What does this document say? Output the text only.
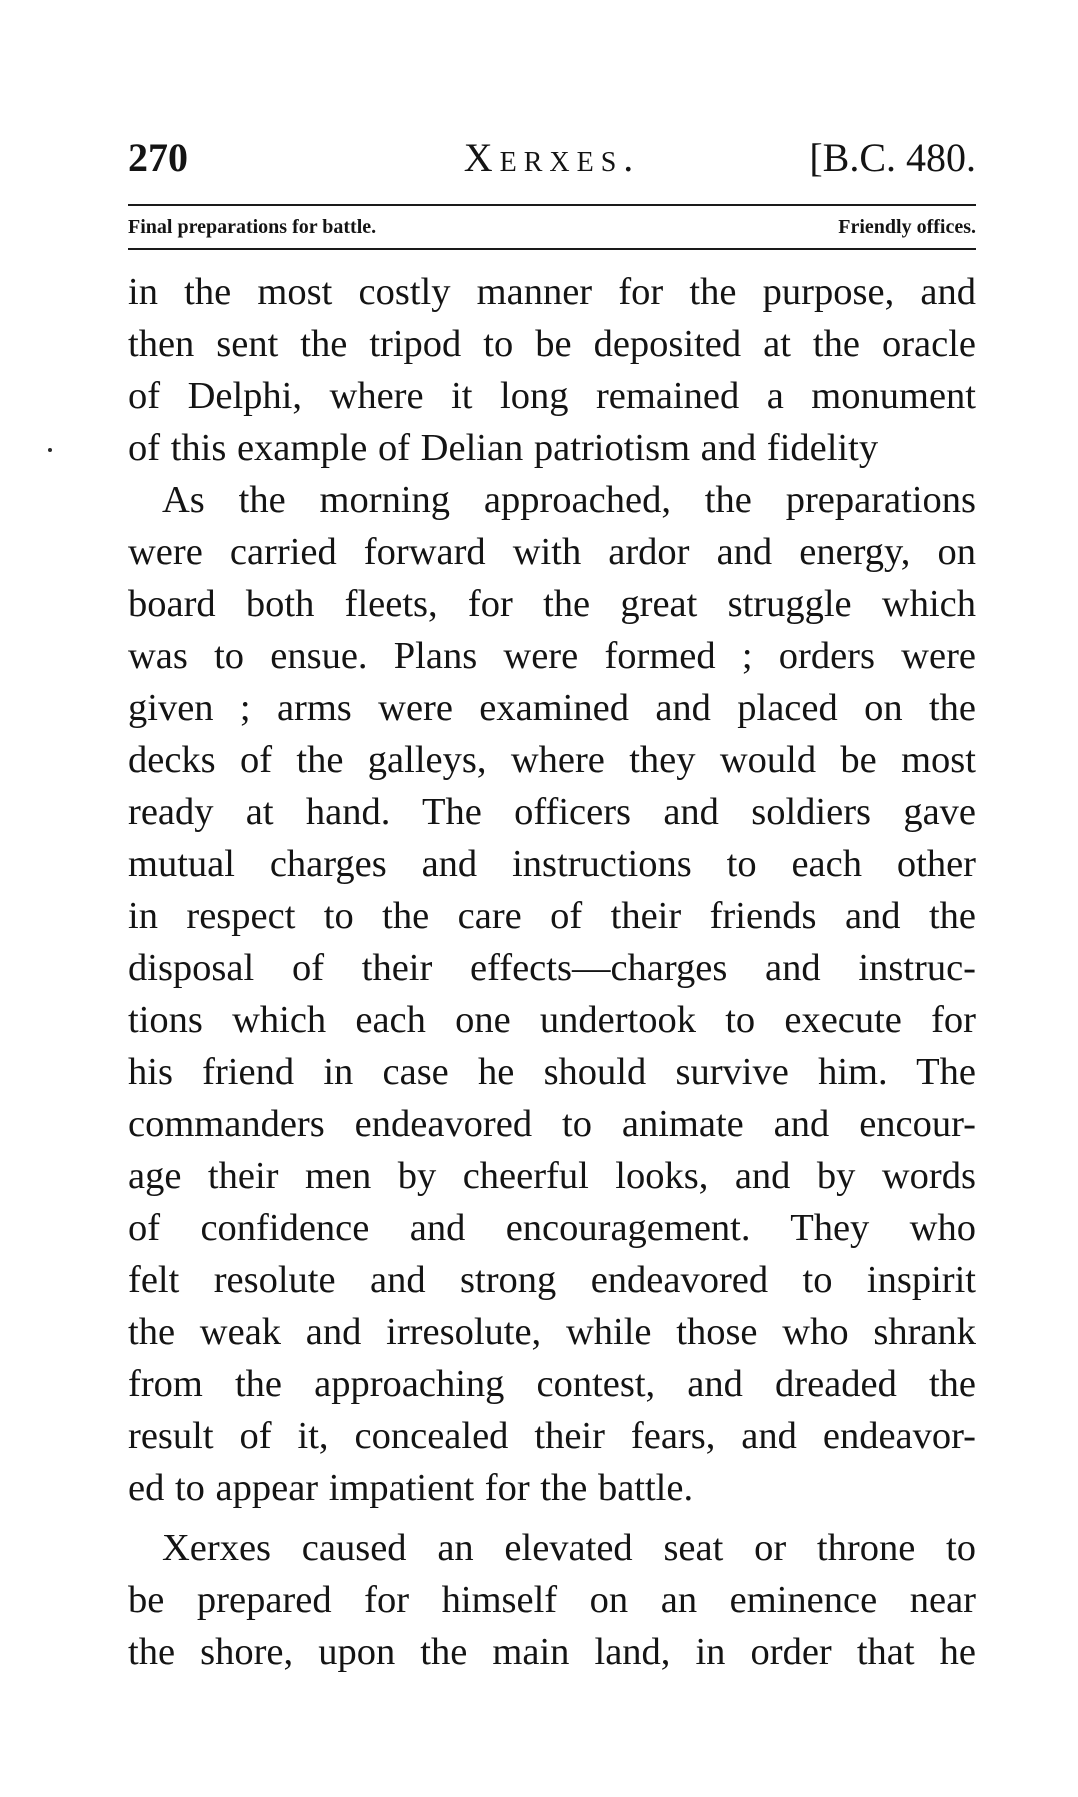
270	Xerxes.	[B.C. 480.
Final preparations for battle.	Friendly offices.
in the most costly manner for the purpose, and
then sent the tripod to be deposited at the oracle
of Delphi, where it long remained a monument
of this example of Delian patriotism and fidelity
As the morning approached, the preparations
were carried forward with ardor and energy, on
board both fleets, for the great struggle which
was to ensue. Plans were formed ; orders were
given ; arms were examined and placed on the
decks of the galleys, where they would be most
ready at hand. The officers and soldiers gave
mutual charges and instructions to each other
in respect to the care of their friends and the
disposal of their effects—charges and instruc-
tions which each one undertook to execute for
his friend in case he should survive him. The
commanders endeavored to animate and encour-
age their men by cheerful looks, and by words
of confidence and encouragement. They who
felt resolute and strong endeavored to inspirit
the weak and irresolute, while those who shrank
from the approaching contest, and dreaded the
result of it, concealed their fears, and endeavor-
ed to appear impatient for the battle.
Xerxes caused an elevated seat or throne to
be prepared for himself on an eminence near
the shore, upon the main land, in order that he
